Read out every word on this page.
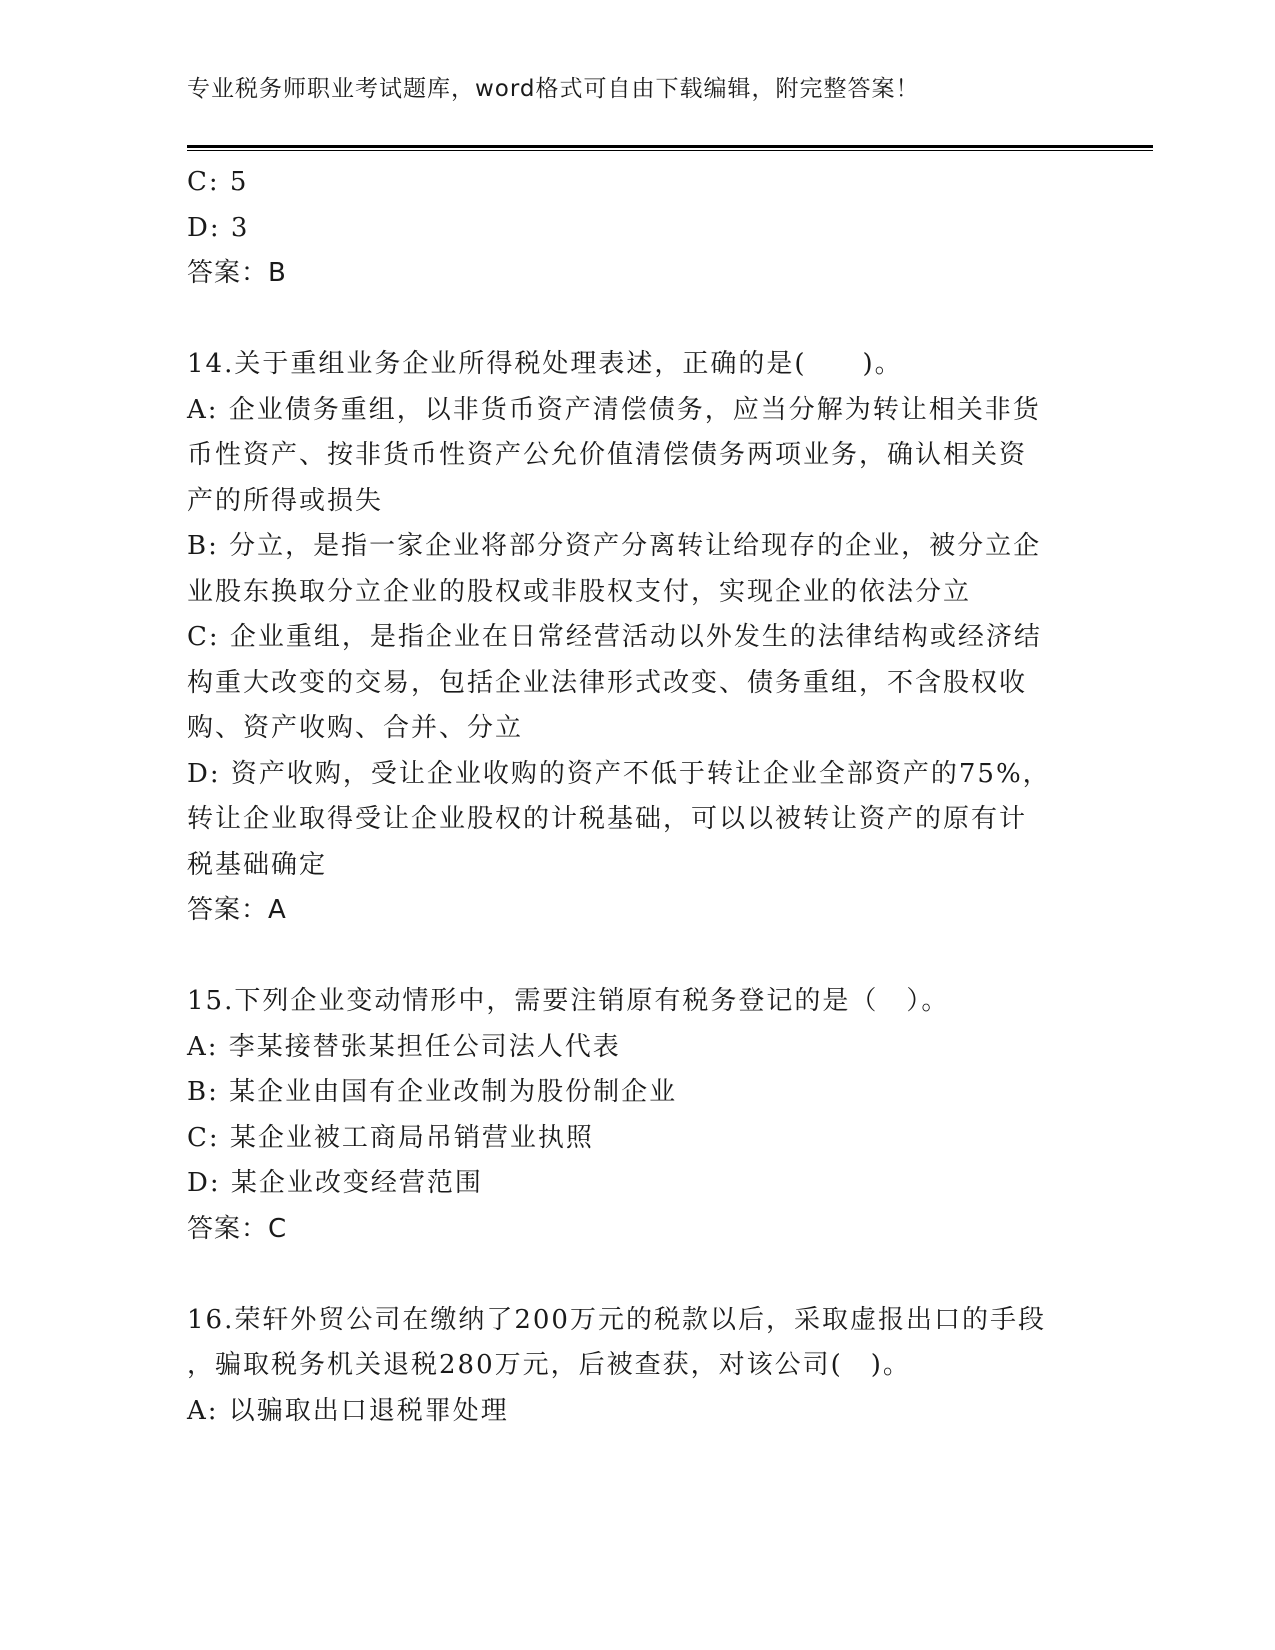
专业税务师职业考试题库，word格式可自由下载编辑，附完整答案！
C: 5
D: 3
答案：B
14.关于重组业务企业所得税处理表述，正确的是(　　)。
A: 企业债务重组，以非货币资产清偿债务，应当分解为转让相关非货
币性资产、按非货币性资产公允价值清偿债务两项业务，确认相关资
产的所得或损失
B: 分立，是指一家企业将部分资产分离转让给现存的企业，被分立企
业股东换取分立企业的股权或非股权支付，实现企业的依法分立
C: 企业重组，是指企业在日常经营活动以外发生的法律结构或经济结
构重大改变的交易，包括企业法律形式改变、债务重组，不含股权收
购、资产收购、合并、分立
D: 资产收购，受让企业收购的资产不低于转让企业全部资产的75%，
转让企业取得受让企业股权的计税基础，可以以被转让资产的原有计
税基础确定
答案：A
15.下列企业变动情形中，需要注销原有税务登记的是（　）。
A: 李某接替张某担任公司法人代表
B: 某企业由国有企业改制为股份制企业
C: 某企业被工商局吊销营业执照
D: 某企业改变经营范围
答案：C
16.荣轩外贸公司在缴纳了200万元的税款以后，采取虚报出口的手段
，骗取税务机关退税280万元，后被查获，对该公司(　)。
A: 以骗取出口退税罪处理
